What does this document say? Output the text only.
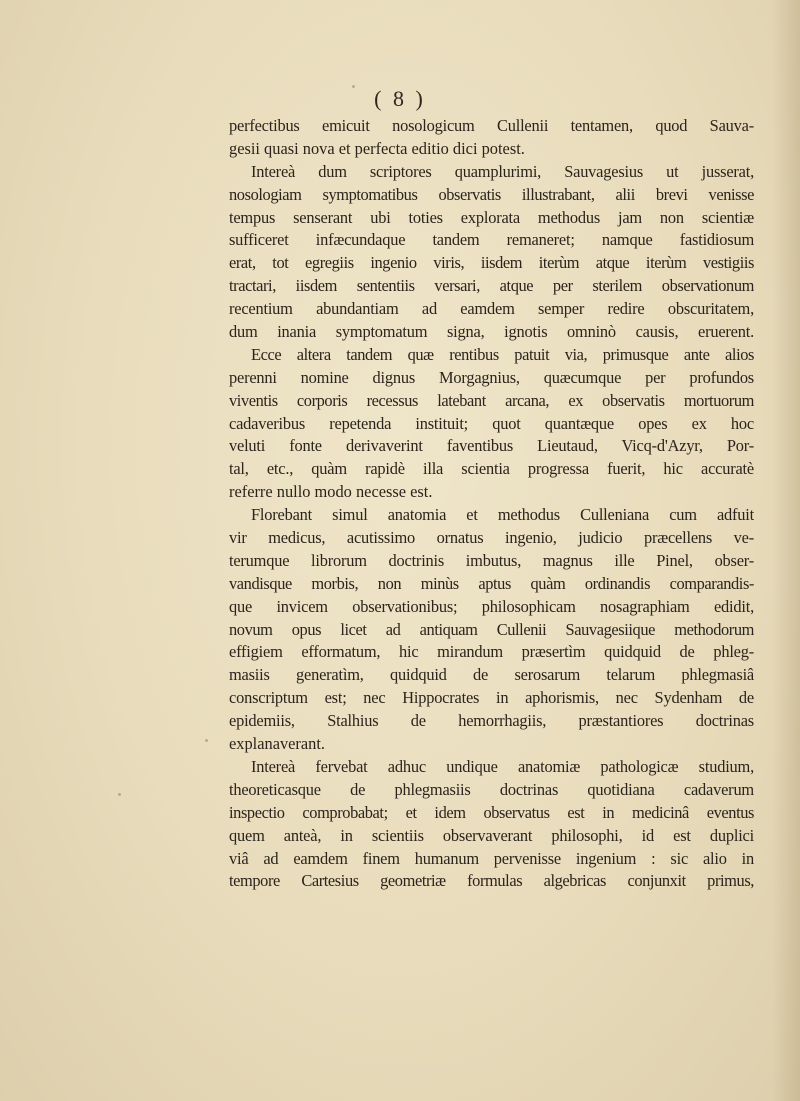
( 8 )
perfectibus emicuit nosologicum Cullenii tentamen, quod Sauva-
gesii quasi nova et perfecta editio dici potest.
Intereà dum scriptores quamplurimi, Sauvagesius ut jusserat,
nosologiam symptomatibus observatis illustrabant, alii brevi venisse
tempus senserant ubi toties explorata methodus jam non scientiæ
sufficeret infæcundaque tandem remaneret; namque fastidiosum
erat, tot egregiis ingenio viris, iisdem iterùm atque iterùm vestigiis
tractari, iisdem sententiis versari, atque per sterilem observationum
recentium abundantiam ad eamdem semper redire obscuritatem,
dum inania symptomatum signa, ignotis omninò causis, eruerent.
Ecce altera tandem quæ rentibus patuit via, primusque ante alios
perenni nomine dignus Morgagnius, quæcumque per profundos
viventis corporis recessus latebant arcana, ex observatis mortuorum
cadaveribus repetenda instituit; quot quantæque opes ex hoc
veluti fonte derivaverint faventibus Lieutaud, Vicq-d'Azyr, Por-
tal, etc., quàm rapidè illa scientia progressa fuerit, hic accuratè
referre nullo modo necesse est.
Florebant simul anatomia et methodus Culleniana cum adfuit
vir medicus, acutissimo ornatus ingenio, judicio præcellens ve-
terumque librorum doctrinis imbutus, magnus ille Pinel, obser-
vandisque morbis, non minùs aptus quàm ordinandis comparandis-
que invicem observationibus; philosophicam nosagraphiam edidit,
novum opus licet ad antiquam Cullenii Sauvagesiique methodorum
effigiem efformatum, hic mirandum præsertìm quidquid de phleg-
masiis generatìm, quidquid de serosarum telarum phlegmasiâ
conscriptum est; nec Hippocrates in aphorismis, nec Sydenham de
epidemiis, Stalhius de hemorrhagiis, præstantiores doctrinas
explanaverant.
Intereà fervebat adhuc undique anatomiæ pathologicæ studium,
theoreticasque de phlegmasiis doctrinas quotidiana cadaverum
inspectio comprobabat; et idem observatus est in medicinâ eventus
quem anteà, in scientiis observaverant philosophi, id est duplici
viâ ad eamdem finem humanum pervenisse ingenium : sic alio in
tempore Cartesius geometriæ formulas algebricas conjunxit primus,
